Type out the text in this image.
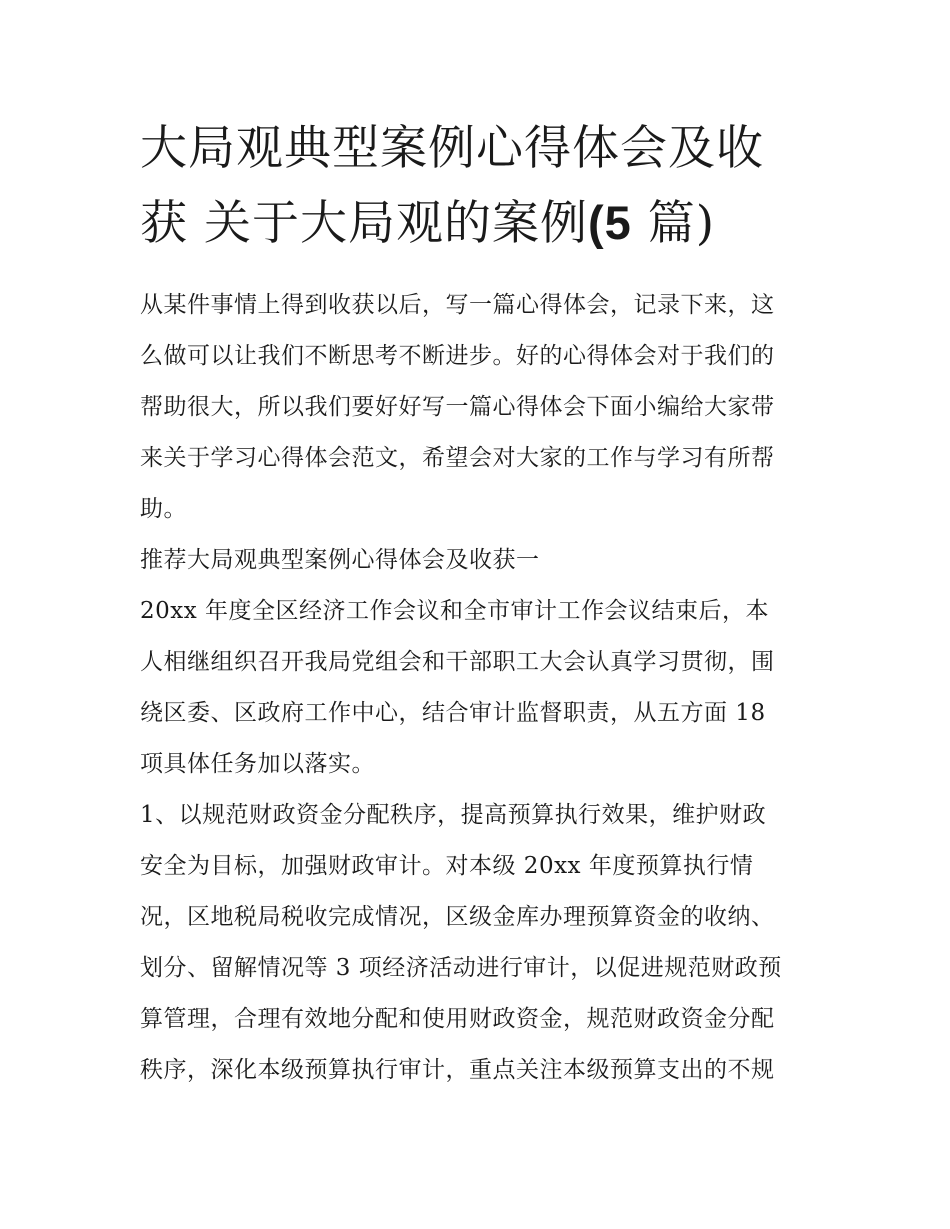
大局观典型案例心得体会及收
获 关于大局观的案例(5 篇)
从某件事情上得到收获以后，写一篇心得体会，记录下来，这
么做可以让我们不断思考不断进步。好的心得体会对于我们的
帮助很大，所以我们要好好写一篇心得体会下面小编给大家带
来关于学习心得体会范文，希望会对大家的工作与学习有所帮
助。
推荐大局观典型案例心得体会及收获一
20xx 年度全区经济工作会议和全市审计工作会议结束后，本
人相继组织召开我局党组会和干部职工大会认真学习贯彻，围
绕区委、区政府工作中心，结合审计监督职责，从五方面 18
项具体任务加以落实。
1、以规范财政资金分配秩序，提高预算执行效果，维护财政
安全为目标，加强财政审计。对本级 20xx 年度预算执行情
况，区地税局税收完成情况，区级金库办理预算资金的收纳、
划分、留解情况等 3 项经济活动进行审计，以促进规范财政预
算管理，合理有效地分配和使用财政资金，规范财政资金分配
秩序，深化本级预算执行审计，重点关注本级预算支出的不规
